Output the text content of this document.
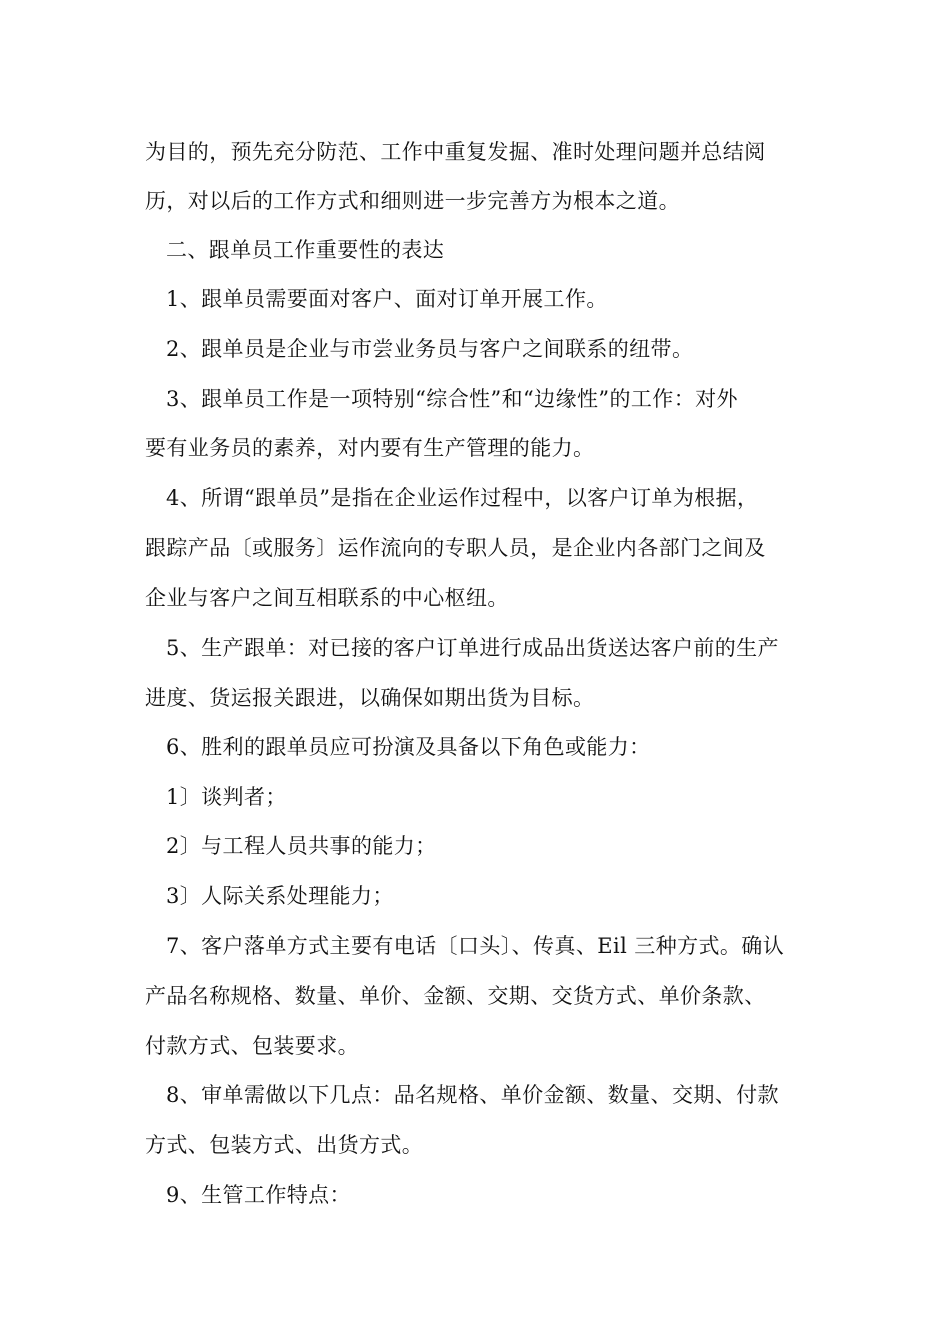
为目的，预先充分防范、工作中重复发掘、准时处理问题并总结阅
历，对以后的工作方式和细则进一步完善方为根本之道。
二、跟单员工作重要性的表达
1、跟单员需要面对客户、面对订单开展工作。
2、跟单员是企业与市尝业务员与客户之间联系的纽带。
3、跟单员工作是一项特别“综合性”和“边缘性”的工作：对外
要有业务员的素养，对内要有生产管理的能力。
4、所谓“跟单员”是指在企业运作过程中，以客户订单为根据，
跟踪产品〔或服务〕运作流向的专职人员，是企业内各部门之间及
企业与客户之间互相联系的中心枢纽。
5、生产跟单：对已接的客户订单进行成品出货送达客户前的生产
进度、货运报关跟进，以确保如期出货为目标。
6、胜利的跟单员应可扮演及具备以下角色或能力：
1〕谈判者；
2〕与工程人员共事的能力；
3〕人际关系处理能力；
7、客户落单方式主要有电话〔口头〕、传真、Eil 三种方式。确认
产品名称规格、数量、单价、金额、交期、交货方式、单价条款、
付款方式、包装要求。
8、审单需做以下几点：品名规格、单价金额、数量、交期、付款
方式、包装方式、出货方式。
9、生管工作特点：
